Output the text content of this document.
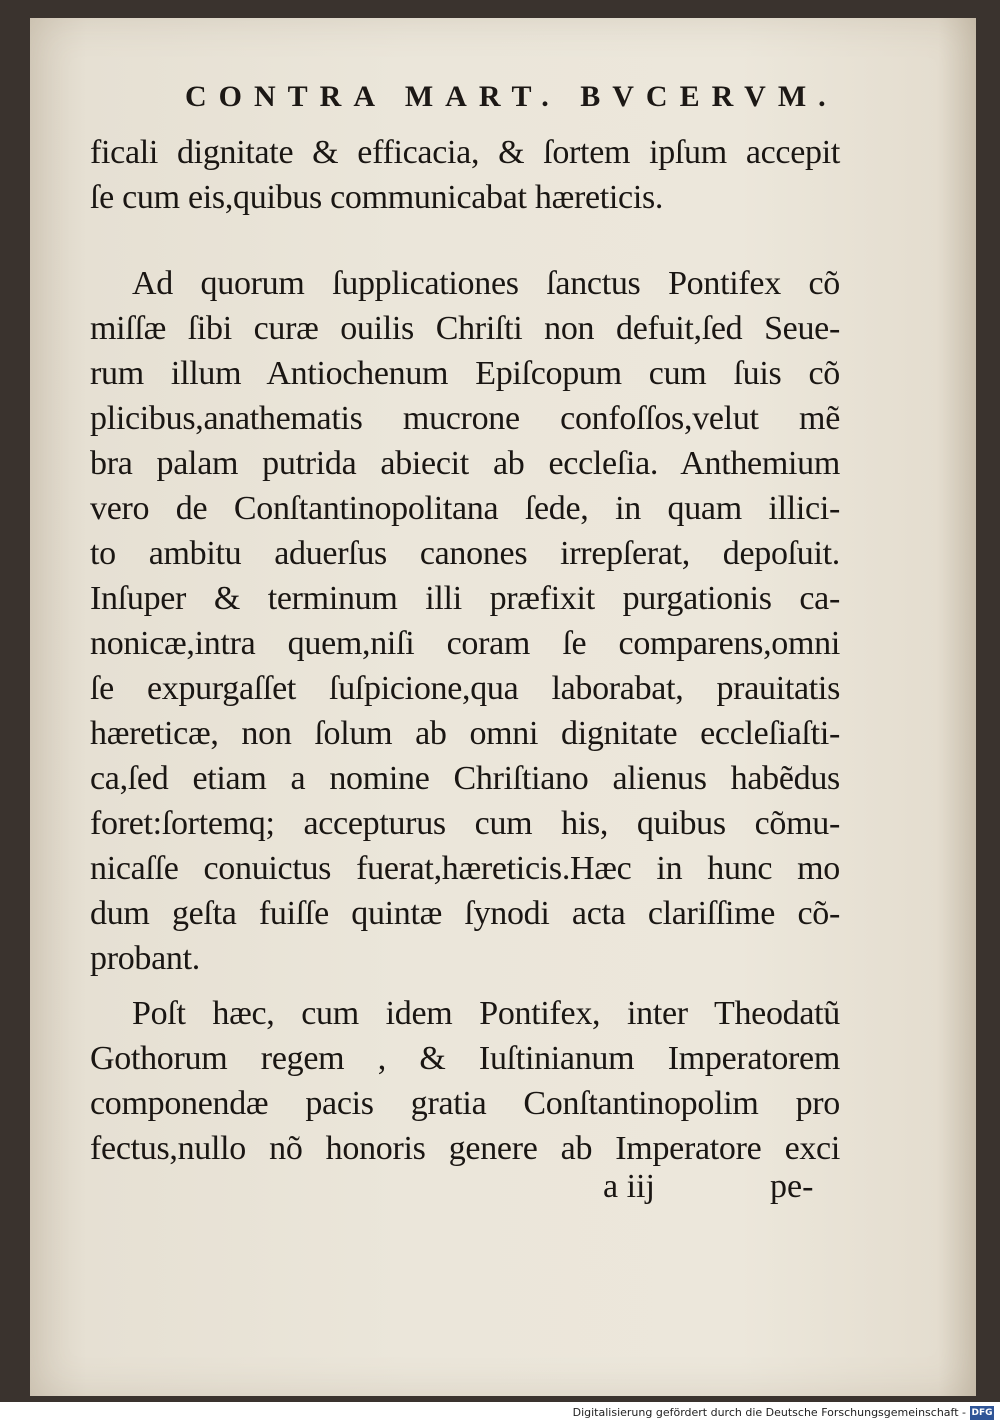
CONTRA MART. BVCERVM.
ficali dignitate & efficacia, & ſortem ipſum accepit
ſe cum eis,quibus communicabat hæreticis.
Ad quorum ſupplicationes ſanctus Pontifex cõ
miſſæ ſibi curæ ouilis Chriſti non defuit,ſed Seue-
rum illum Antiochenum Epiſcopum cum ſuis cõ
plicibus,anathematis mucrone confoſſos,velut mẽ
bra palam putrida abiecit ab eccleſia. Anthemium
vero de Conſtantinopolitana ſede, in quam illici-
to ambitu aduerſus canones irrepſerat, depoſuit.
Inſuper & terminum illi præfixit purgationis ca-
nonicæ,intra quem,niſi coram ſe comparens,omni
ſe expurgaſſet ſuſpicione,qua laborabat, prauitatis
hæreticæ, non ſolum ab omni dignitate eccleſiaſti-
ca,ſed etiam a nomine Chriſtiano alienus habẽdus
foret:ſortemq; accepturus cum his, quibus cõmu-
nicaſſe conuictus fuerat,hæreticis.Hæc in hunc mo
dum geſta fuiſſe quintæ ſynodi acta clariſſime cõ-
probant.
Poſt hæc, cum idem Pontifex, inter Theodatũ
Gothorum regem , & Iuſtinianum Imperatorem
componendæ pacis gratia Conſtantinopolim pro
fectus,nullo nõ honoris genere ab Imperatore exci
a iij	pe-
Digitalisierung gefördert durch die Deutsche Forschungsgemeinschaft - DFG
